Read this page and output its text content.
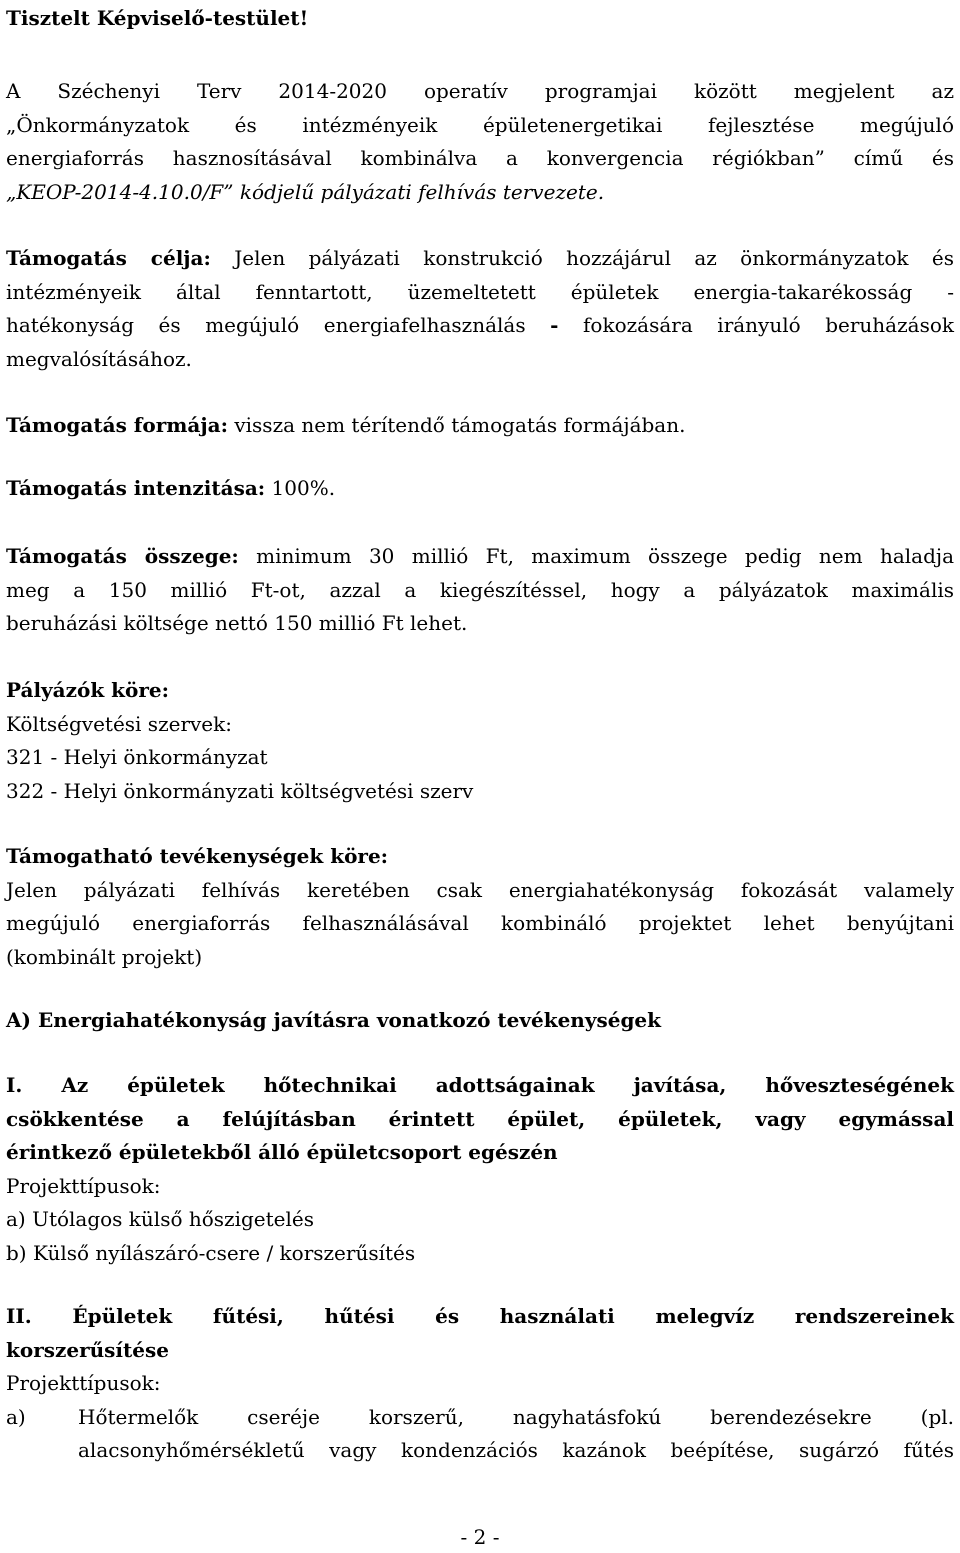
Tisztelt Képviselő-testület!

A Széchenyi Terv 2014-2020 operatív programjai között megjelent az

„Önkormányzatok és intézményeik épületenergetikai fejlesztése megújuló

energiaforrás hasznosításával kombinálva a konvergencia régiókban” című és

„KEOP-2014-4.10.0/F” kódjelű pályázati felhívás tervezete.

Támogatás célja: Jelen pályázati konstrukció hozzájárul az önkormányzatok és

intézményeik által fenntartott, üzemeltetett épületek energia-takarékosság -

hatékonyság és megújuló energiafelhasználás - fokozására irányuló beruházások

megvalósításához.

Támogatás formája: vissza nem térítendő támogatás formájában.

Támogatás intenzitása: 100%.

Támogatás összege: minimum 30 millió Ft, maximum összege pedig nem haladja

meg a 150 millió Ft-ot, azzal a kiegészítéssel, hogy a pályázatok maximális

beruházási költsége nettó 150 millió Ft lehet.

Pályázók köre:

Költségvetési szervek:

321 - Helyi önkormányzat

322 - Helyi önkormányzati költségvetési szerv

Támogatható tevékenységek köre:

Jelen pályázati felhívás keretében csak energiahatékonyság fokozását valamely

megújuló energiaforrás felhasználásával kombináló projektet lehet benyújtani

(kombinált projekt)

A) Energiahatékonyság javításra vonatkozó tevékenységek

I. Az épületek hőtechnikai adottságainak javítása, hőveszteségének

csökkentése a felújításban érintett épület, épületek, vagy egymással

érintkező épületekből álló épületcsoport egészén

Projekttípusok:

a) Utólagos külső hőszigetelés

b) Külső nyílászáró-csere / korszerűsítés

II. Épületek fűtési, hűtési és használati melegvíz rendszereinek

korszerűsítése

Projekttípusok:

a)	Hőtermelők cseréje korszerű, nagyhatásfokú berendezésekre (pl.
alacsonyhőmérsékletű vagy kondenzációs kazánok beépítése, sugárzó fűtés
- 2 -
